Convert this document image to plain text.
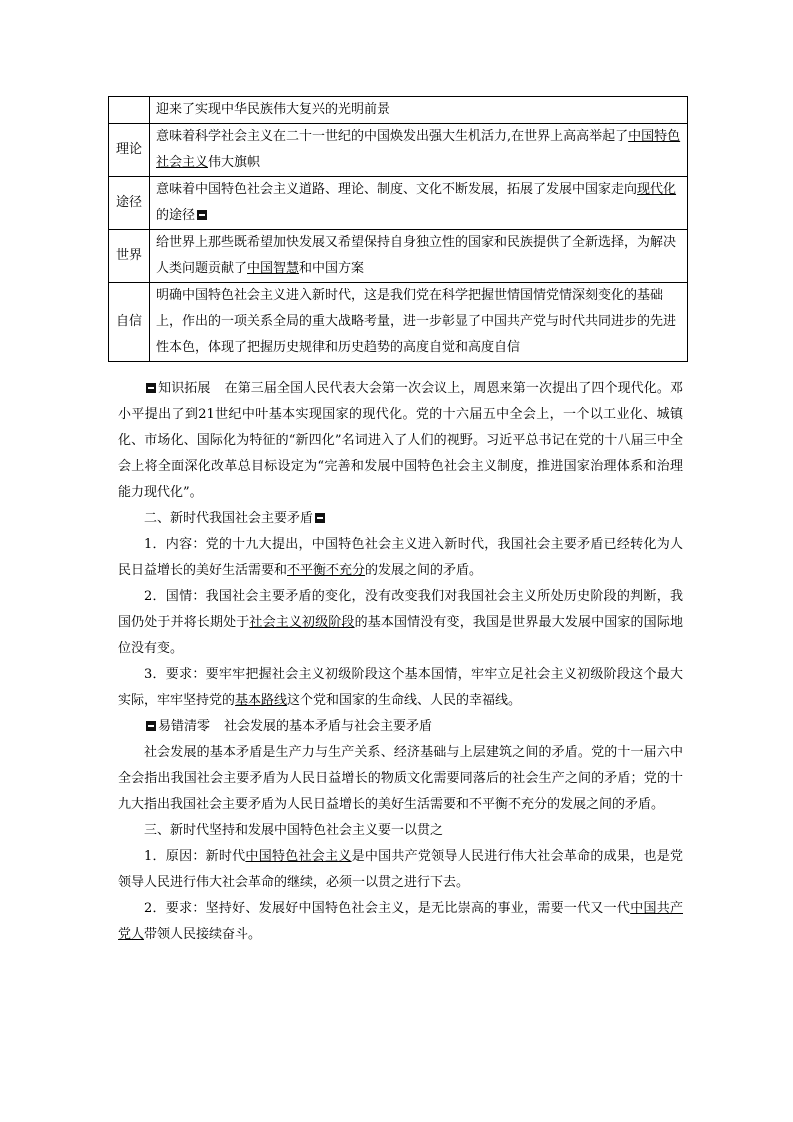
	迎来了实现中华民族伟大复兴的光明前景
理论	意味着科学社会主义在二十一世纪的中国焕发出强大生机活力,在世界上高高举起了中国特色社会主义伟大旗帜
途径	意味着中国特色社会主义道路、理论、制度、文化不断发展，拓展了发展中国家走向现代化的途径
世界	给世界上那些既希望加快发展又希望保持自身独立性的国家和民族提供了全新选择，为解决人类问题贡献了中国智慧和中国方案
自信	明确中国特色社会主义进入新时代，这是我们党在科学把握世情国情党情深刻变化的基础上，作出的一项关系全局的重大战略考量，进一步彰显了中国共产党与时代共同进步的先进性本色，体现了把握历史规律和历史趋势的高度自觉和高度自信

知识拓展 在第三届全国人民代表大会第一次会议上，周恩来第一次提出了四个现代化。邓小平提出了到21世纪中叶基本实现国家的现代化。党的十六届五中全会上，一个以工业化、城镇化、市场化、国际化为特征的“新四化”名词进入了人们的视野。习近平总书记在党的十八届三中全会上将全面深化改革总目标设定为“完善和发展中国特色社会主义制度，推进国家治理体系和治理能力现代化”。

二、新时代我国社会主要矛盾

1．内容：党的十九大提出，中国特色社会主义进入新时代，我国社会主要矛盾已经转化为人民日益增长的美好生活需要和不平衡不充分的发展之间的矛盾。

2．国情：我国社会主要矛盾的变化，没有改变我们对我国社会主义所处历史阶段的判断，我国仍处于并将长期处于社会主义初级阶段的基本国情没有变，我国是世界最大发展中国家的国际地位没有变。

3．要求：要牢牢把握社会主义初级阶段这个基本国情，牢牢立足社会主义初级阶段这个最大实际，牢牢坚持党的基本路线这个党和国家的生命线、人民的幸福线。

易错清零 社会发展的基本矛盾与社会主要矛盾

社会发展的基本矛盾是生产力与生产关系、经济基础与上层建筑之间的矛盾。党的十一届六中全会指出我国社会主要矛盾为人民日益增长的物质文化需要同落后的社会生产之间的矛盾；党的十九大指出我国社会主要矛盾为人民日益增长的美好生活需要和不平衡不充分的发展之间的矛盾。

三、新时代坚持和发展中国特色社会主义要一以贯之

1．原因：新时代中国特色社会主义是中国共产党领导人民进行伟大社会革命的成果，也是党领导人民进行伟大社会革命的继续，必须一以贯之进行下去。

2．要求：坚持好、发展好中国特色社会主义，是无比崇高的事业，需要一代又一代中国共产党人带领人民接续奋斗。
